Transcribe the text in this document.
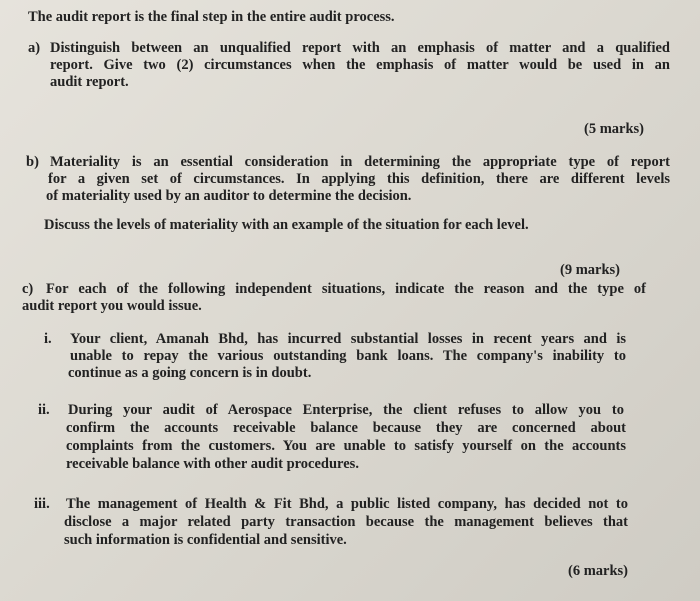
The audit report is the final step in the entire audit process.

a) Distinguish between an unqualified report with an emphasis of matter and a qualified

report. Give two (2) circumstances when the emphasis of matter would be used in an

audit report.

(5 marks)

b) Materiality is an essential consideration in determining the appropriate type of report

for a given set of circumstances. In applying this definition, there are different levels

of materiality used by an auditor to determine the decision.

Discuss the levels of materiality with an example of the situation for each level.

(9 marks)

c) For each of the following independent situations, indicate the reason and the type of

audit report you would issue.

i. Your client, Amanah Bhd, has incurred substantial losses in recent years and is

unable to repay the various outstanding bank loans. The company's inability to

continue as a going concern is in doubt.

ii. During your audit of Aerospace Enterprise, the client refuses to allow you to

confirm the accounts receivable balance because they are concerned about

complaints from the customers. You are unable to satisfy yourself on the accounts

receivable balance with other audit procedures.

iii. The management of Health & Fit Bhd, a public listed company, has decided not to

disclose a major related party transaction because the management believes that

such information is confidential and sensitive.

(6 marks)
